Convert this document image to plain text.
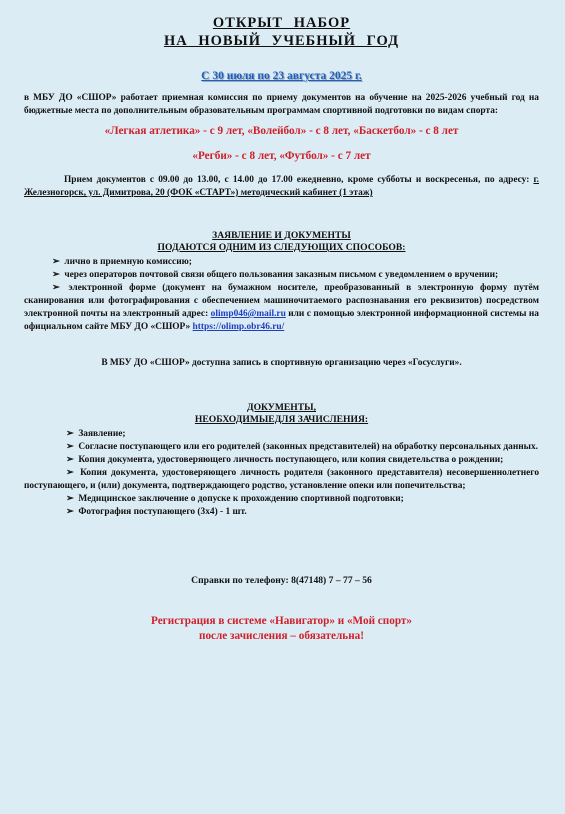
ОТКРЫТ НАБОР
НА НОВЫЙ УЧЕБНЫЙ ГОД
С 30 июля по 23 августа 2025 г.

в МБУ ДО «СШОР» работает приемная комиссия по приему документов на обучение на 2025-2026 учебный год на бюджетные места по дополнительным образовательным программам спортивной подготовки по видам спорта:

«Легкая атлетика» - с 9 лет, «Волейбол» - с 8 лет, «Баскетбол» - с 8 лет
«Регби» - с 8 лет, «Футбол» - с 7 лет

Прием документов с 09.00 до 13.00, с 14.00 до 17.00 ежедневно, кроме субботы и воскресенья, по адресу: г. Железногорск, ул. Димитрова, 20 (ФОК «СТАРТ») методический кабинет (1 этаж)

ЗАЯВЛЕНИЕ И ДОКУМЕНТЫ
ПОДАЮТСЯ ОДНИМ ИЗ СЛЕДУЮЩИХ СПОСОБОВ:

➢ лично в приемную комиссию;

➢ через операторов почтовой связи общего пользования заказным письмом с уведомлением о вручении;

➢ электронной форме (документ на бумажном носителе, преобразованный в электронную форму путём сканирования или фотографирования с обеспечением машиночитаемого распознавания его реквизитов) посредством электронной почты на электронный адрес: olimp046@mail.ru или с помощью электронной информационной системы на официальном сайте МБУ ДО «СШОР» https://olimp.obr46.ru/

В МБУ ДО «СШОР» доступна запись в спортивную организацию через «Госуслуги».

ДОКУМЕНТЫ,
НЕОБХОДИМЫЕДЛЯ ЗАЧИСЛЕНИЯ:

➢ Заявление;

➢ Согласие поступающего или его родителей (законных представителей) на обработку персональных данных.

➢ Копия документа, удостоверяющего личность поступающего, или копия свидетельства о рождении;

➢ Копия документа, удостоверяющего личность родителя (законного представителя) несовершеннолетнего поступающего, и (или) документа, подтверждающего родство, установление опеки или попечительства;

➢ Медицинское заключение о допуске к прохождению спортивной подготовки;

➢ Фотография поступающего (3х4) - 1 шт.

Справки по телефону: 8(47148) 7 – 77 – 56

Регистрация в системе «Навигатор» и «Мой спорт»
после зачисления – обязательна!
